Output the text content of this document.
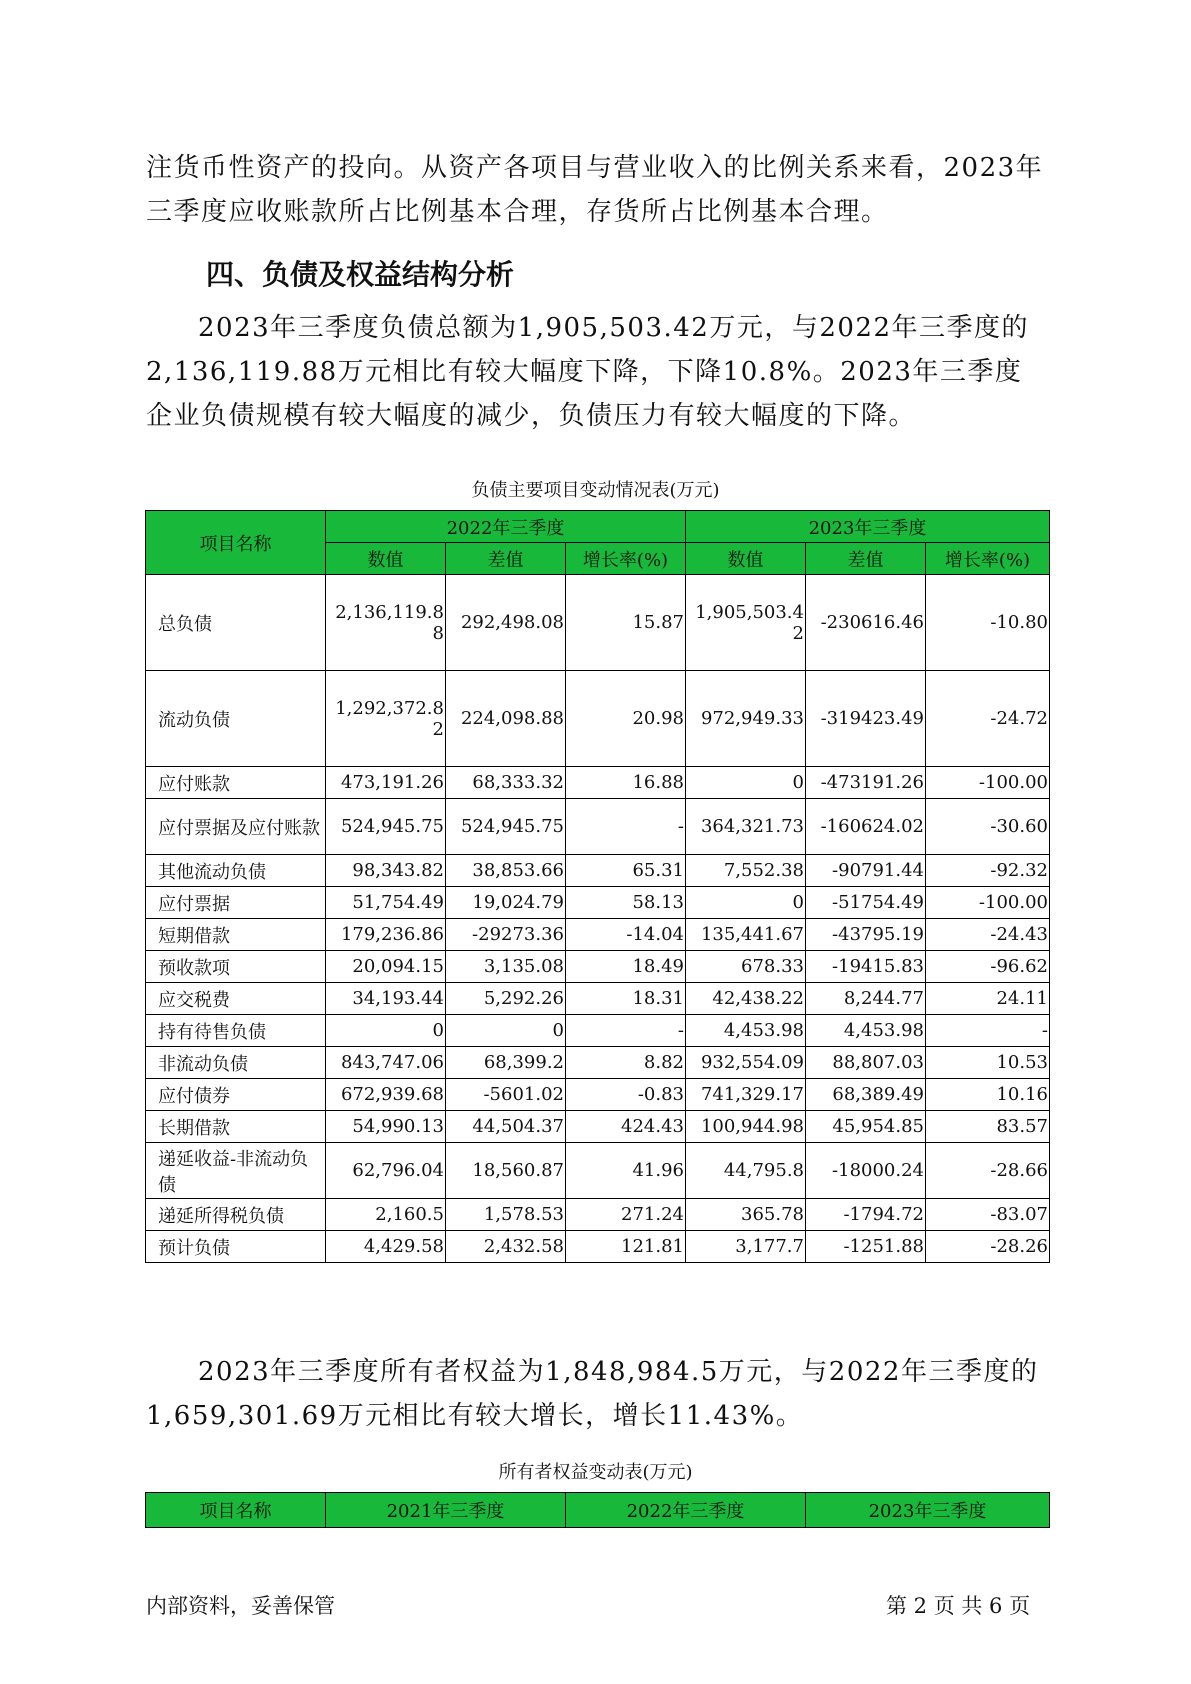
注货币性资产的投向。从资产各项目与营业收入的比例关系来看，2023年三季度应收账款所占比例基本合理，存货所占比例基本合理。

四、负债及权益结构分析

2023年三季度负债总额为1,905,503.42万元，与2022年三季度的2,136,119.88万元相比有较大幅度下降，下降10.8%。2023年三季度企业负债规模有较大幅度的减少，负债压力有较大幅度的下降。

负债主要项目变动情况表(万元)

项目名称	2022年三季度			2023年三季度		
	数值	差值	增长率(%)	数值	差值	增长率(%)
总负债	2,136,119.88	292,498.08	15.87	1,905,503.42	-230616.46	-10.80
流动负债	1,292,372.82	224,098.88	20.98	972,949.33	-319423.49	-24.72
应付账款	473,191.26	68,333.32	16.88	0	-473191.26	-100.00
应付票据及应付账款	524,945.75	524,945.75	-	364,321.73	-160624.02	-30.60
其他流动负债	98,343.82	38,853.66	65.31	7,552.38	-90791.44	-92.32
应付票据	51,754.49	19,024.79	58.13	0	-51754.49	-100.00
短期借款	179,236.86	-29273.36	-14.04	135,441.67	-43795.19	-24.43
预收款项	20,094.15	3,135.08	18.49	678.33	-19415.83	-96.62
应交税费	34,193.44	5,292.26	18.31	42,438.22	8,244.77	24.11
持有待售负债	0	0	-	4,453.98	4,453.98	-
非流动负债	843,747.06	68,399.2	8.82	932,554.09	88,807.03	10.53
应付债券	672,939.68	-5601.02	-0.83	741,329.17	68,389.49	10.16
长期借款	54,990.13	44,504.37	424.43	100,944.98	45,954.85	83.57
递延收益-非流动负债	62,796.04	18,560.87	41.96	44,795.8	-18000.24	-28.66
递延所得税负债	2,160.5	1,578.53	271.24	365.78	-1794.72	-83.07
预计负债	4,429.58	2,432.58	121.81	3,177.7	-1251.88	-28.26

2023年三季度所有者权益为1,848,984.5万元，与2022年三季度的1,659,301.69万元相比有较大增长，增长11.43%。

所有者权益变动表(万元)

项目名称	2021年三季度	2022年三季度	2023年三季度

内部资料，妥善保管	第 2 页 共 6 页
